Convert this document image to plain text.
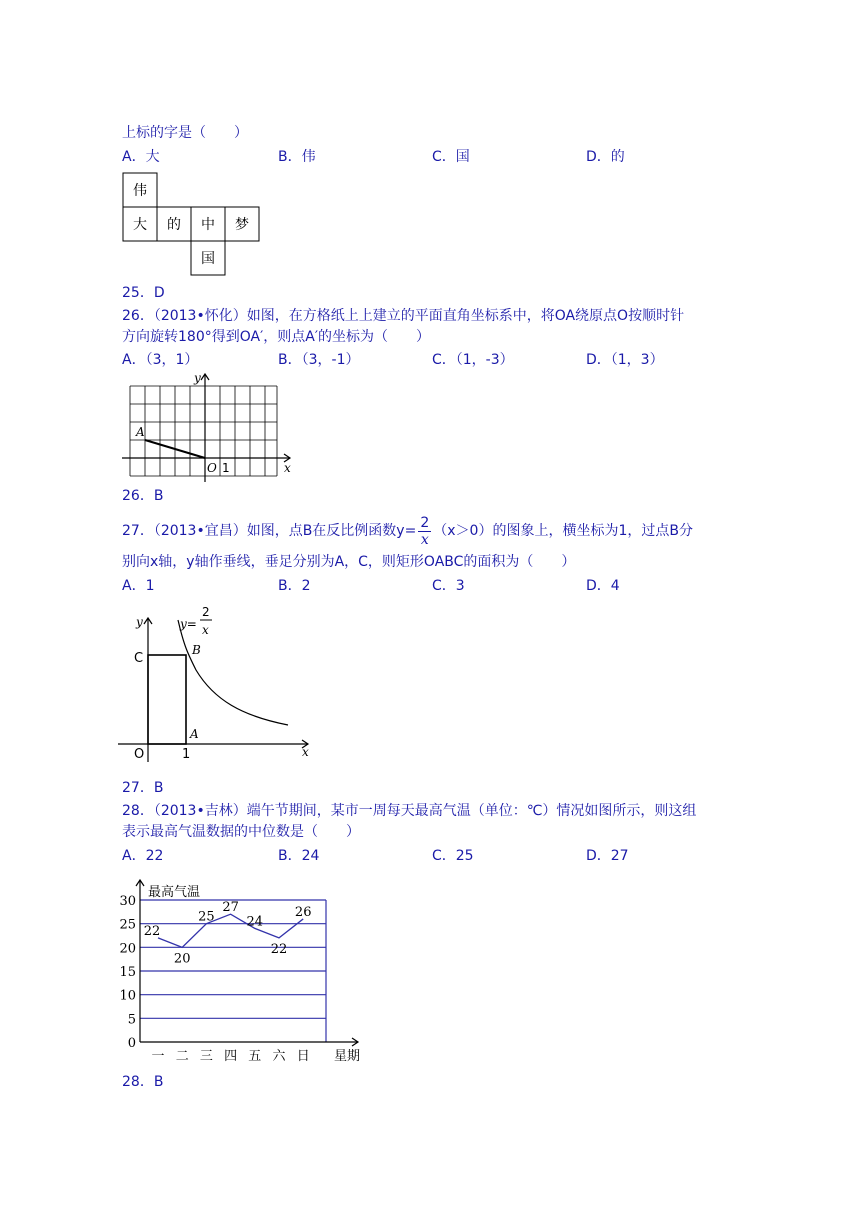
上标的字是（　　）
A．大	B．伟	C．国	D．的
伟
大 的 中 梦
国
25．D
26．（2013•怀化）如图，在方格纸上上建立的平面直角坐标系中，将OA绕原点O按顺时针
方向旋转180°得到OA′，则点A′的坐标为（　　）
A．（3，1）	B．（3，-1）	C．（1，-3）	D．（1，3）
y
x
A
O 1
26．B
27．（2013•宜昌）如图，点B在反比例函数$y= \frac{2}{x} (x>0)$的图象上，横坐标为1，过点B分
别向x轴，y轴作垂线，垂足分别为A，C，则矩形OABC的面积为（　　）
A．1	B．2	C．3	D．4
y
x
B
A
y= x
C
O	1
2
27．B
28．（2013•吉林）端午节期间，某市一周每天最高气温（单位：℃）情况如图所示，则这组
表示最高气温数据的中位数是（　　）
A．22	B．24	C．25	D．27
0
5
10
15
20
25
30
最高气温
星期
一 二 三 四 五 六 日
22
20
25
27
24
22
26
28．B
